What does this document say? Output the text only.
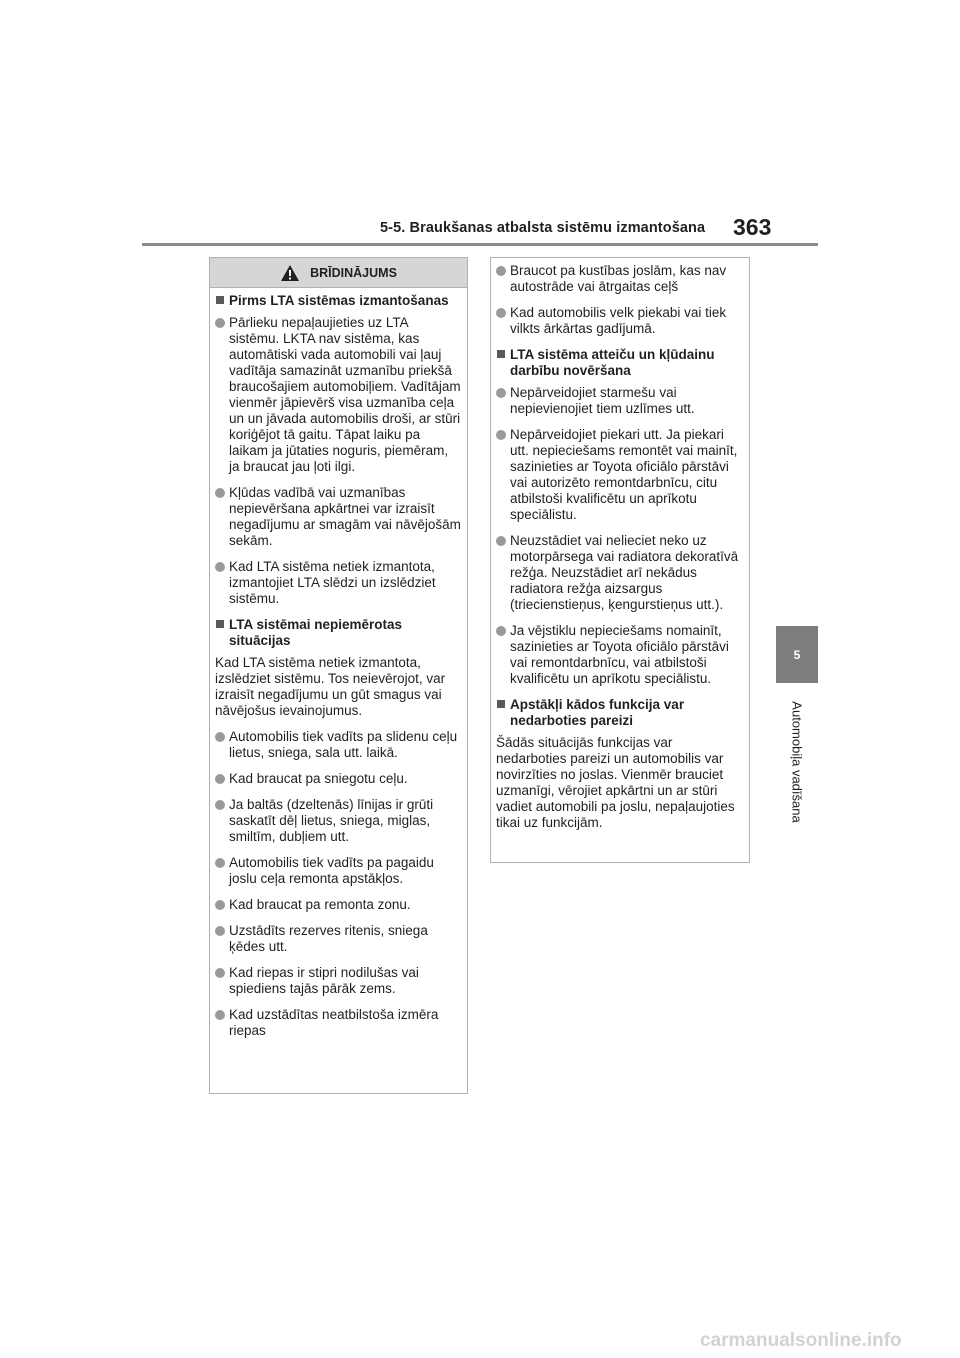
5-5. Braukšanas atbalsta sistēmu izmantošana 363
5
Automobiļa vadīšana
BRĪDINĀJUMS
Pirms LTA sistēmas izmantošanas
Pārlieku nepaļaujieties uz LTA sistēmu. LKTA nav sistēma, kas automātiski vada automobili vai ļauj vadītāja samazināt uzmanību priekšā braucošajiem automobiļiem. Vadītājam vienmēr jāpievērš visa uzmanība ceļa un un jāvada automobilis droši, ar stūri koriģējot tā gaitu. Tāpat laiku pa laikam ja jūtaties noguris, piemēram, ja braucat jau ļoti ilgi.
Kļūdas vadībā vai uzmanības nepievēršana apkārtnei var izraisīt negadījumu ar smagām vai nāvējošām sekām.
Kad LTA sistēma netiek izmantota, izmantojiet LTA slēdzi un izslēdziet sistēmu.
LTA sistēmai nepiemērotas situācijas
Kad LTA sistēma netiek izmantota, izslēdziet sistēmu. Tos neievērojot, var izraisīt negadījumu un gūt smagus vai nāvējošus ievainojumus.
Automobilis tiek vadīts pa slidenu ceļu lietus, sniega, sala utt. laikā.
Kad braucat pa sniegotu ceļu.
Ja baltās (dzeltenās) līnijas ir grūti saskatīt dēļ lietus, sniega, miglas, smiltīm, dubļiem utt.
Automobilis tiek vadīts pa pagaidu joslu ceļa remonta apstākļos.
Kad braucat pa remonta zonu.
Uzstādīts rezerves ritenis, sniega ķēdes utt.
Kad riepas ir stipri nodilušas vai spiediens tajās pārāk zems.
Kad uzstādītas neatbilstoša izmēra riepas
Braucot pa kustības joslām, kas nav autostrāde vai ātrgaitas ceļš
Kad automobilis velk piekabi vai tiek vilkts ārkārtas gadījumā.
LTA sistēma atteiču un kļūdainu darbību novēršana
Nepārveidojiet starmešu vai nepievienojiet tiem uzlīmes utt.
Nepārveidojiet piekari utt. Ja piekari utt. nepieciešams remontēt vai mainīt, sazinieties ar Toyota oficiālo pārstāvi vai autorizēto remontdarbnīcu, citu atbilstoši kvalificētu un aprīkotu speciālistu.
Neuzstādiet vai nelieciet neko uz motorpārsega vai radiatora dekoratīvā režģa. Neuzstādiet arī nekādus radiatora režģa aizsargus (triecienstieņus, ķengurstieņus utt.).
Ja vējstiklu nepieciešams nomainīt, sazinieties ar Toyota oficiālo pārstāvi vai remontdarbnīcu, vai atbilstoši kvalificētu un aprīkotu speciālistu.
Apstākļi kādos funkcija var nedarboties pareizi
Šādās situācijās funkcijas var nedarboties pareizi un automobilis var novirzīties no joslas. Vienmēr brauciet uzmanīgi, vērojiet apkārtni un ar stūri vadiet automobili pa joslu, nepaļaujoties tikai uz funkcijām.
carmanualsonline.info
